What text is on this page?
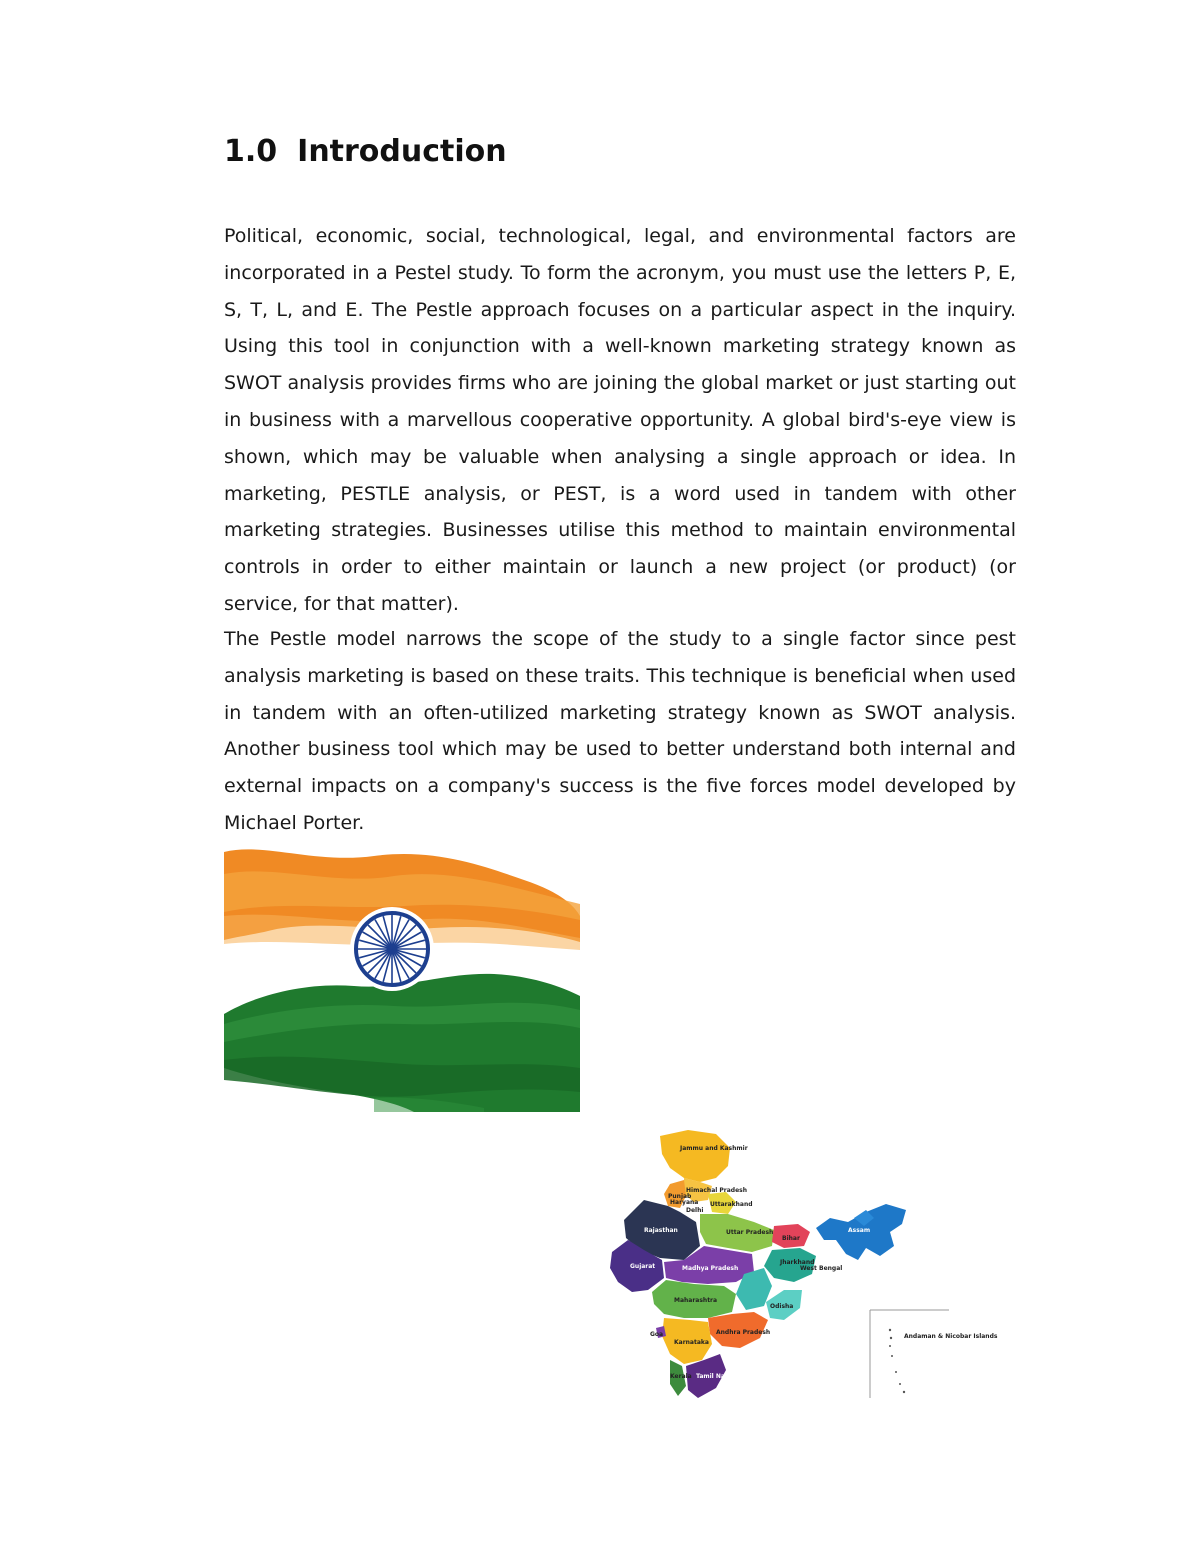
1.0 Introduction

Political, economic, social, technological, legal, and environmental factors are incorporated in a Pestel study. To form the acronym, you must use the letters P, E, S, T, L, and E. The Pestle approach focuses on a particular aspect in the inquiry. Using this tool in conjunction with a well-known marketing strategy known as SWOT analysis provides firms who are joining the global market or just starting out in business with a marvellous cooperative opportunity. A global bird's-eye view is shown, which may be valuable when analysing a single approach or idea. In marketing, PESTLE analysis, or PEST, is a word used in tandem with other marketing strategies. Businesses utilise this method to maintain environmental controls in order to either maintain or launch a new project (or product) (or service, for that matter).

The Pestle model narrows the scope of the study to a single factor since pest analysis marketing is based on these traits. This technique is beneficial when used in tandem with an often-utilized marketing strategy known as SWOT analysis. Another business tool which may be used to better understand both internal and external impacts on a company's success is the five forces model developed by Michael Porter.

Jammu and Kashmir
Himachal Pradesh
Uttarakhand
Punjab
Haryana
Delhi
Rajasthan	Uttar Pradesh
Bihar
Gujarat	Madhya Pradesh
Jharkhand
West Bengal
Maharashtra
Odisha
Andhra Pradesh
Karnataka
Goa
Tamil Nadu
Kerala
Assam
Andaman & Nicobar Islands
